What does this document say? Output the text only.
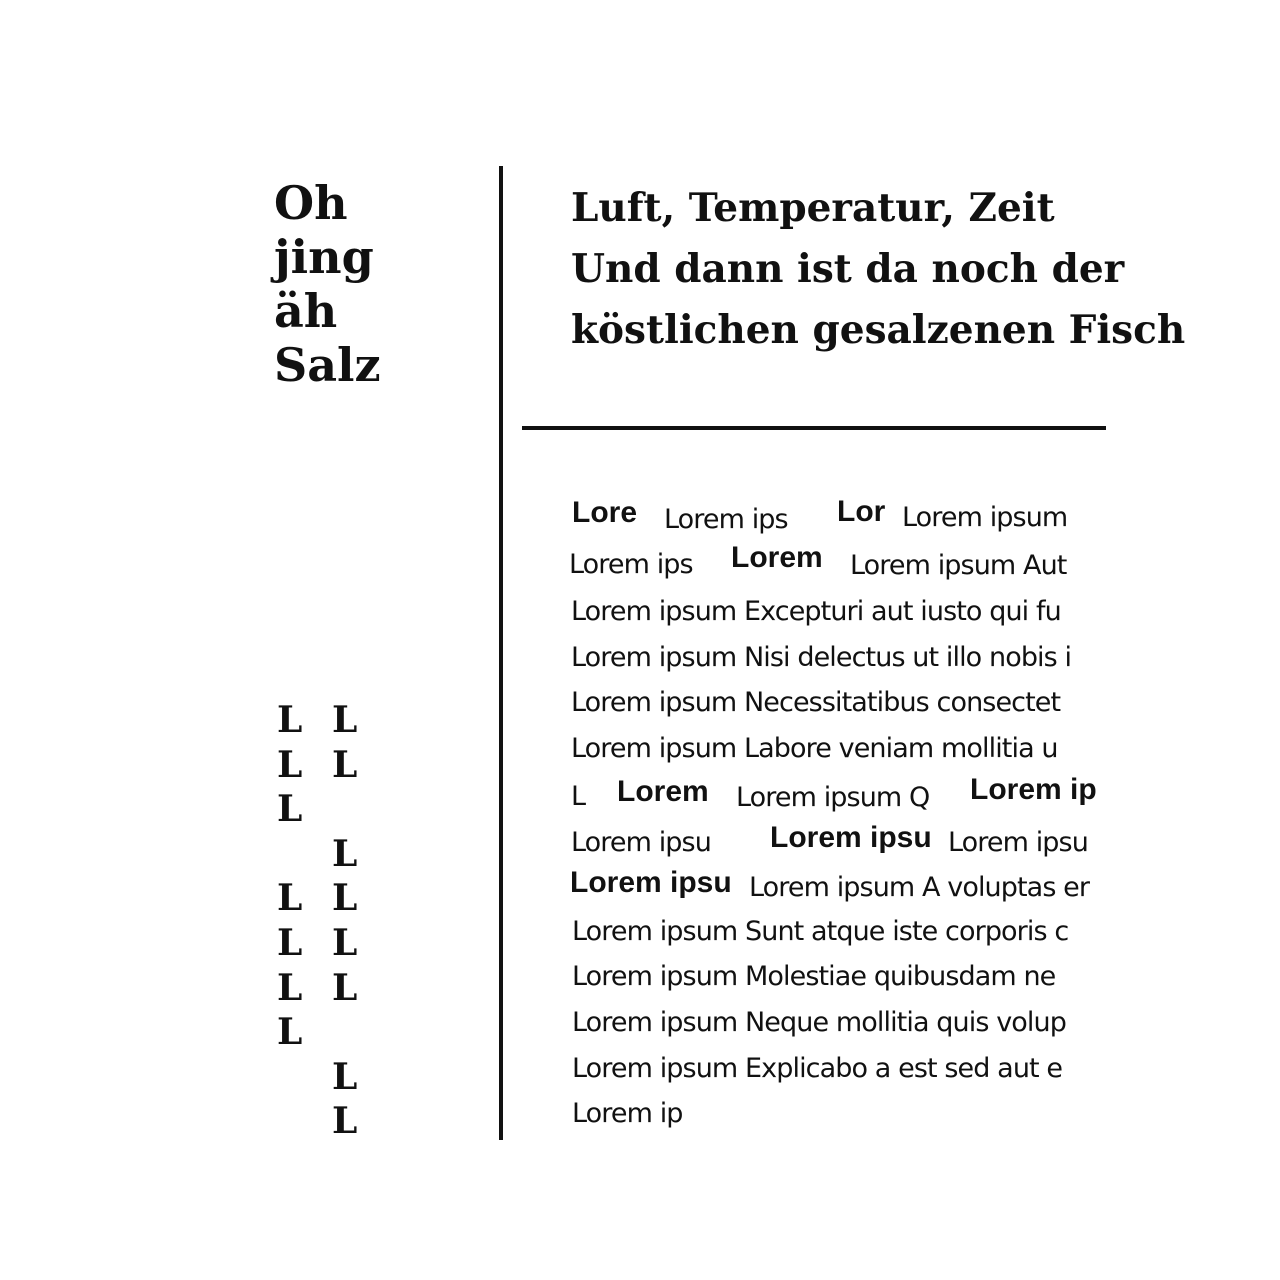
Oh
jing
äh
Salz
Luft, Temperatur, Zeit
Und dann ist da noch der
köstlichen gesalzenen Fisch
L
L
L
L
L
L
L
L
L
L
L
L
L
L
L
Lore Lorem ips Lor Lorem ipsum
Lorem ips Lorem Lorem ipsum Aut
Lorem ipsum Excepturi aut iusto qui fu
Lorem ipsum Nisi delectus ut illo nobis i
Lorem ipsum Necessitatibus consectet
Lorem ipsum Labore veniam mollitia u
L Lorem Lorem ipsum Q Lorem ip
Lorem ipsu Lorem ipsu Lorem ipsu
Lorem ipsu Lorem ipsum A voluptas er
Lorem ipsum Sunt atque iste corporis c
Lorem ipsum Molestiae quibusdam ne
Lorem ipsum Neque mollitia quis volup
Lorem ipsum Explicabo a est sed aut e
Lorem ip
